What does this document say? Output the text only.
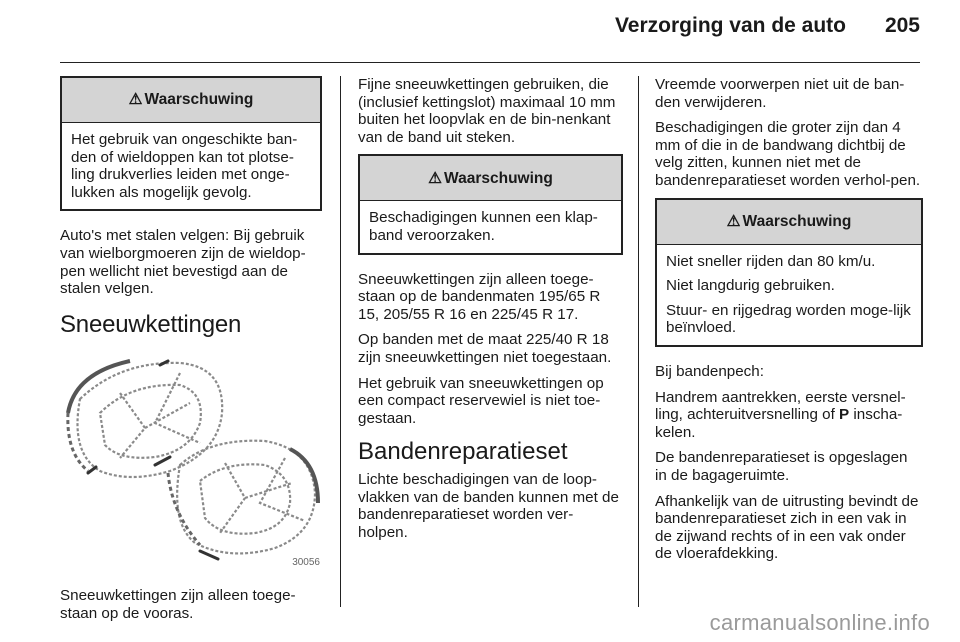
Verzorging van de auto 205
⚠ Waarschuwing

Het gebruik van ongeschikte ban-den of wieldoppen kan tot plotse-ling drukverlies leiden met onge-lukken als mogelijk gevolg.

Auto's met stalen velgen: Bij gebruik van wielborgmoeren zijn de wieldop-pen wellicht niet bevestigd aan de stalen velgen.

Sneeuwkettingen
30056

Sneeuwkettingen zijn alleen toege-staan op de vooras.

Fijne sneeuwkettingen gebruiken, die (inclusief kettingslot) maximaal 10 mm buiten het loopvlak en de bin-nenkant van de band uit steken.

⚠ Waarschuwing

Beschadigingen kunnen een klap-band veroorzaken.

Sneeuwkettingen zijn alleen toege-staan op de bandenmaten 195/65 R 15, 205/55 R 16 en 225/45 R 17.

Op banden met de maat 225/40 R 18 zijn sneeuwkettingen niet toegestaan.

Het gebruik van sneeuwkettingen op een compact reservewiel is niet toe-gestaan.

Bandenreparatieset

Lichte beschadigingen van de loop-vlakken van de banden kunnen met de bandenreparatieset worden ver-holpen.

Vreemde voorwerpen niet uit de ban-den verwijderen.

Beschadigingen die groter zijn dan 4 mm of die in de bandwang dichtbij de velg zitten, kunnen niet met de bandenreparatieset worden verhol-pen.

⚠ Waarschuwing

Niet sneller rijden dan 80 km/u.

Niet langdurig gebruiken.

Stuur- en rijgedrag worden moge-lijk beïnvloed.

Bij bandenpech:

Handrem aantrekken, eerste versnel-ling, achteruitversnelling of P inscha-kelen.

De bandenreparatieset is opgeslagen in de bagageruimte.

Afhankelijk van de uitrusting bevindt de bandenreparatieset zich in een vak in de zijwand rechts of in een vak onder de vloerafdekking.

carmanualsonline.info
